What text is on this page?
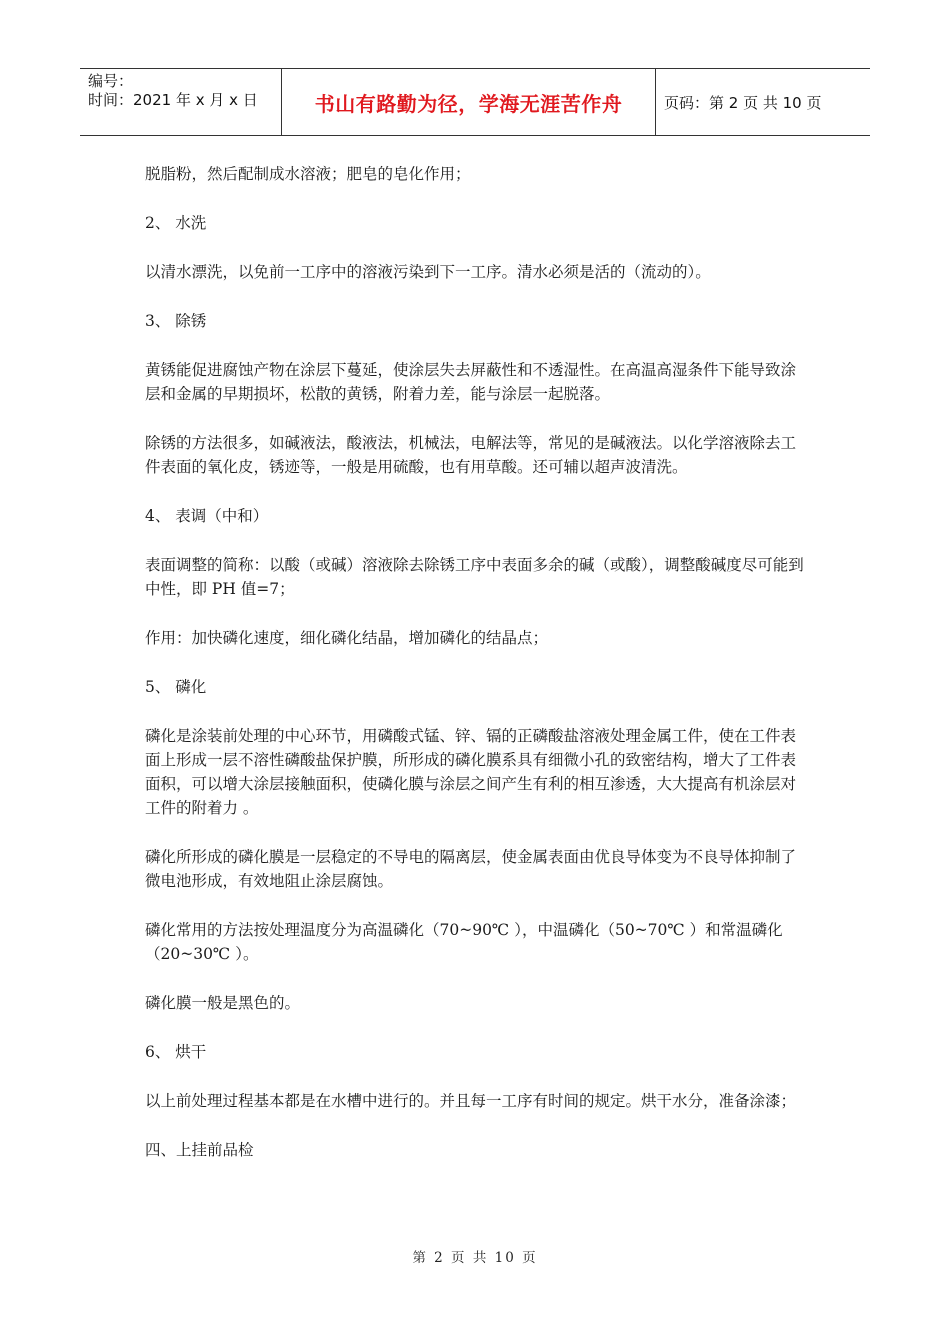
编号：
时间：2021 年 x 月 x 日	书山有路勤为径，学海无涯苦作舟	页码：第 2 页 共 10 页

脱脂粉，然后配制成水溶液；肥皂的皂化作用；

2、 水洗

以清水漂洗，以免前一工序中的溶液污染到下一工序。清水必须是活的（流动的）。

3、 除锈

黄锈能促进腐蚀产物在涂层下蔓延，使涂层失去屏蔽性和不透湿性。在高温高湿条件下能导致涂层和金属的早期损坏，松散的黄锈，附着力差，能与涂层一起脱落。

除锈的方法很多，如碱液法，酸液法，机械法，电解法等，常见的是碱液法。以化学溶液除去工件表面的氧化皮，锈迹等，一般是用硫酸，也有用草酸。还可辅以超声波清洗。

4、 表调（中和）

表面调整的简称：以酸（或碱）溶液除去除锈工序中表面多余的碱（或酸），调整酸碱度尽可能到中性，即 PH 值=7；

作用：加快磷化速度，细化磷化结晶，增加磷化的结晶点；

5、 磷化

磷化是涂装前处理的中心环节，用磷酸式锰、锌、镉的正磷酸盐溶液处理金属工件，使在工件表面上形成一层不溶性磷酸盐保护膜，所形成的磷化膜系具有细微小孔的致密结构，增大了工件表面积，可以增大涂层接触面积，使磷化膜与涂层之间产生有利的相互渗透，大大提高有机涂层对工件的附着力 。

磷化所形成的磷化膜是一层稳定的不导电的隔离层，使金属表面由优良导体变为不良导体抑制了微电池形成，有效地阻止涂层腐蚀。

磷化常用的方法按处理温度分为高温磷化（70~90℃ ），中温磷化（50~70℃ ）和常温磷化（20~30℃ ）。

磷化膜一般是黑色的。

6、 烘干

以上前处理过程基本都是在水槽中进行的。并且每一工序有时间的规定。烘干水分，准备涂漆；

四、上挂前品检

第 2 页 共 10 页
